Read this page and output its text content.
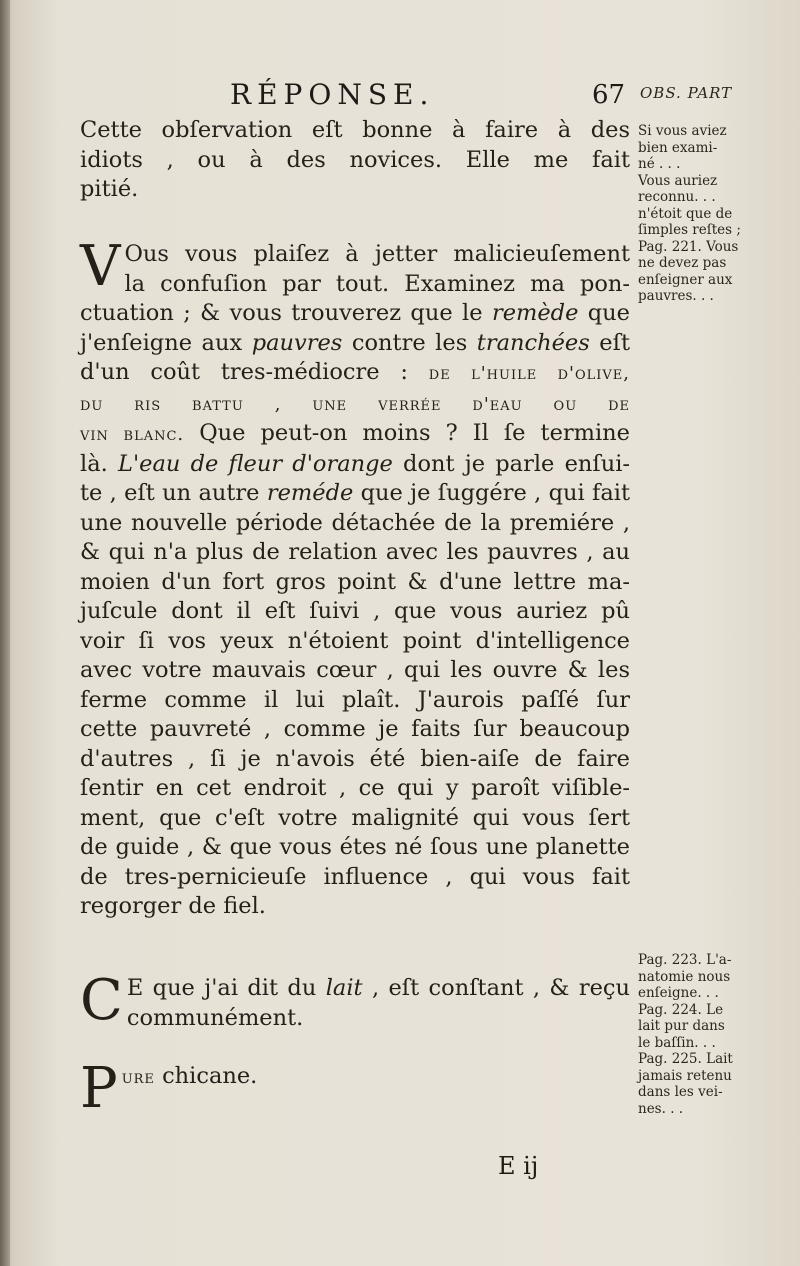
RÉPONSE.	67 OBS. PART
Cette obſervation eſt bonne à faire à des
idiots , ou à des novices. Elle me fait
pitié.
V Ous vous plaiſez à jetter malicieuſement
la confuſion par tout. Examinez ma pon-
ctuation ; & vous trouverez que le remède que
j'enſeigne aux pauvres contre les tranchées eſt
d'un coût tres-médiocre : de l'huile d'olive,
du ris battu , une verrée d'eau ou de
vin blanc. Que peut-on moins ? Il ſe termine
là. L'eau de fleur d'orange dont je parle enſui-
te , eſt un autre reméde que je ſuggére , qui fait
une nouvelle période détachée de la premiére ,
& qui n'a plus de relation avec les pauvres , au
moien d'un fort gros point & d'une lettre ma-
juſcule dont il eſt ſuivi , que vous auriez pû
voir ſi vos yeux n'étoient point d'intelligence
avec votre mauvais cœur , qui les ouvre & les
ferme comme il lui plaît. J'aurois paſſé ſur
cette pauvreté , comme je faits ſur beaucoup
d'autres , ſi je n'avois été bien-aiſe de faire
ſentir en cet endroit , ce qui y paroît viſible-
ment, que c'eſt votre malignité qui vous ſert
de guide , & que vous étes né ſous une planette
de tres-pernicieuſe influence , qui vous fait
regorger de fiel.
C E que j'ai dit du lait , eſt conſtant , & reçu
communément.
P ure chicane.
Si vous aviez
bien exami-
né . . .
Vous auriez
reconnu. . .
n'étoit que de
ſimples reſtes ;
Pag. 221. Vous
ne devez pas
enſeigner aux
pauvres. . .
Pag. 223. L'a-
natomie nous
enſeigne. . .
Pag. 224. Le
lait pur dans
le baſſin. . .
Pag. 225. Lait
jamais retenu
dans les vei-
nes. . .
E ij
